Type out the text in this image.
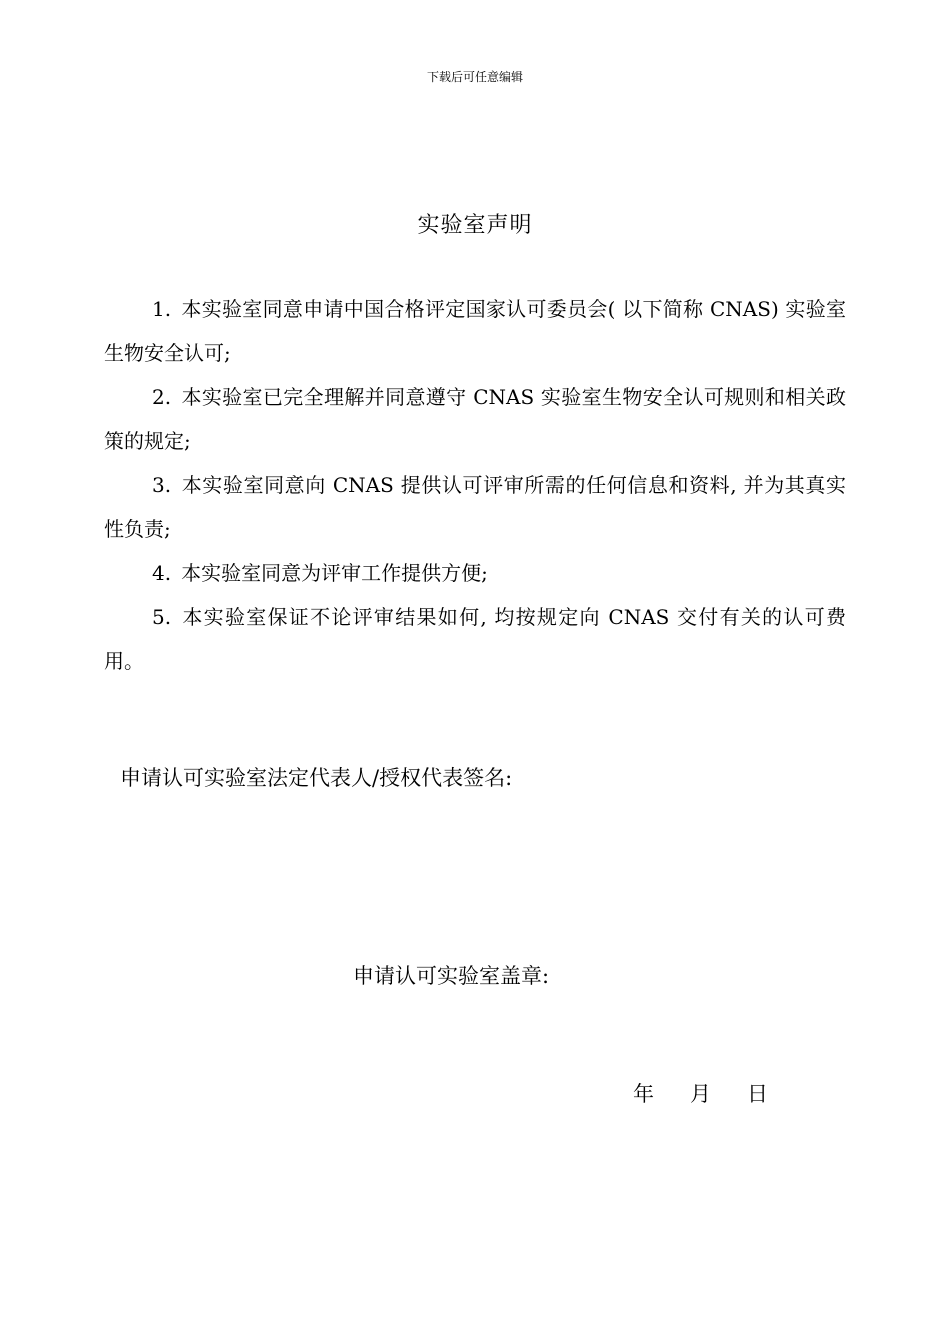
下载后可任意编辑
实验室声明
1. 本实验室同意申请中国合格评定国家认可委员会( 以下简称 CNAS) 实验室生物安全认可;
2. 本实验室已完全理解并同意遵守 CNAS 实验室生物安全认可规则和相关政策的规定;
3. 本实验室同意向 CNAS 提供认可评审所需的任何信息和资料, 并为其真实性负责;
4. 本实验室同意为评审工作提供方便;
5. 本实验室保证不论评审结果如何, 均按规定向 CNAS 交付有关的认可费用。
申请认可实验室法定代表人/授权代表签名:
申请认可实验室盖章:
年 月 日
